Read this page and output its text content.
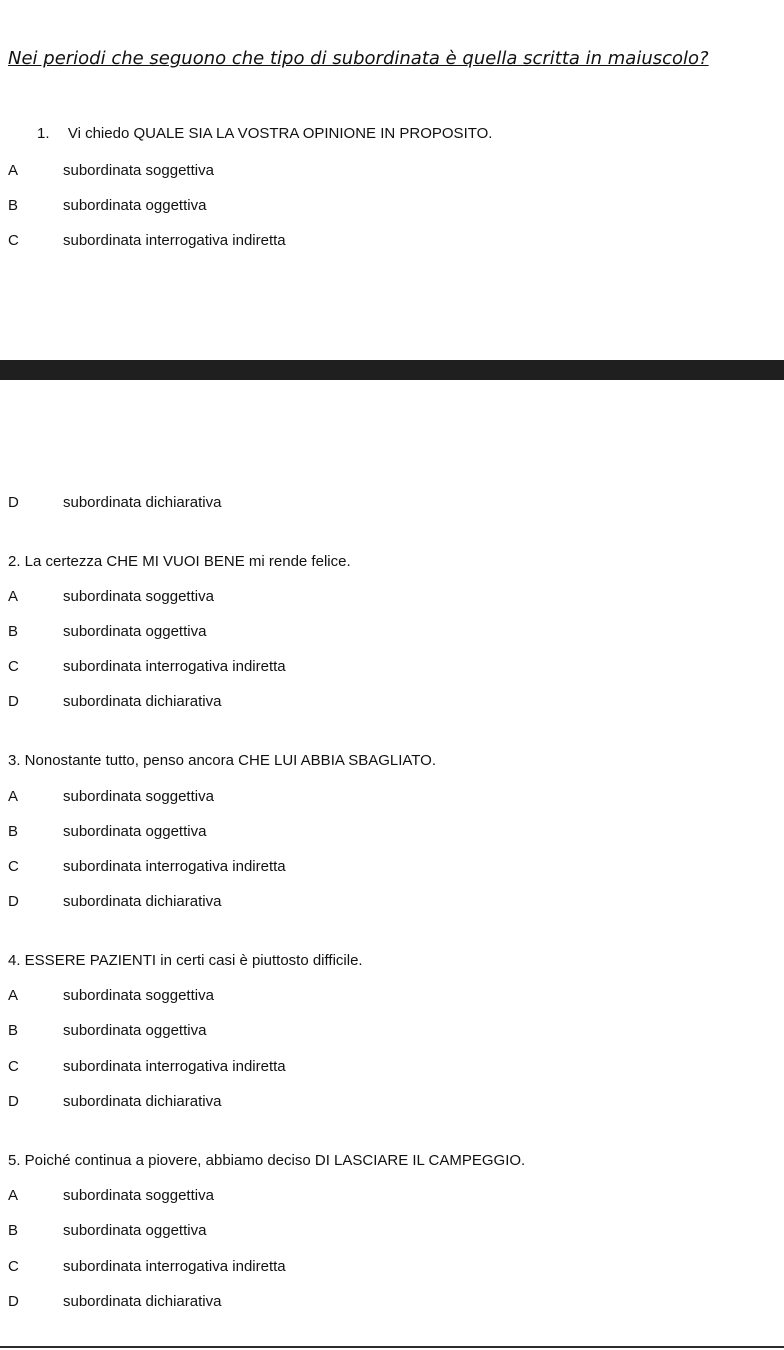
Nei periodi che seguono che tipo di subordinata è quella scritta in maiuscolo?
1. Vi chiedo QUALE SIA LA VOSTRA OPINIONE IN PROPOSITO.
A	subordinata soggettiva
B	subordinata oggettiva
C	subordinata interrogativa indiretta
D	subordinata dichiarativa
2. La certezza CHE MI VUOI BENE mi rende felice.
A	subordinata soggettiva
B	subordinata oggettiva
C	subordinata interrogativa indiretta
D	subordinata dichiarativa
3. Nonostante tutto, penso ancora CHE LUI ABBIA SBAGLIATO.
A	subordinata soggettiva
B	subordinata oggettiva
C	subordinata interrogativa indiretta
D	subordinata dichiarativa
4. ESSERE PAZIENTI in certi casi è piuttosto difficile.
A	subordinata soggettiva
B	subordinata oggettiva
C	subordinata interrogativa indiretta
D	subordinata dichiarativa
5. Poiché continua a piovere, abbiamo deciso DI LASCIARE IL CAMPEGGIO.
A	subordinata soggettiva
B	subordinata oggettiva
C	subordinata interrogativa indiretta
D	subordinata dichiarativa
